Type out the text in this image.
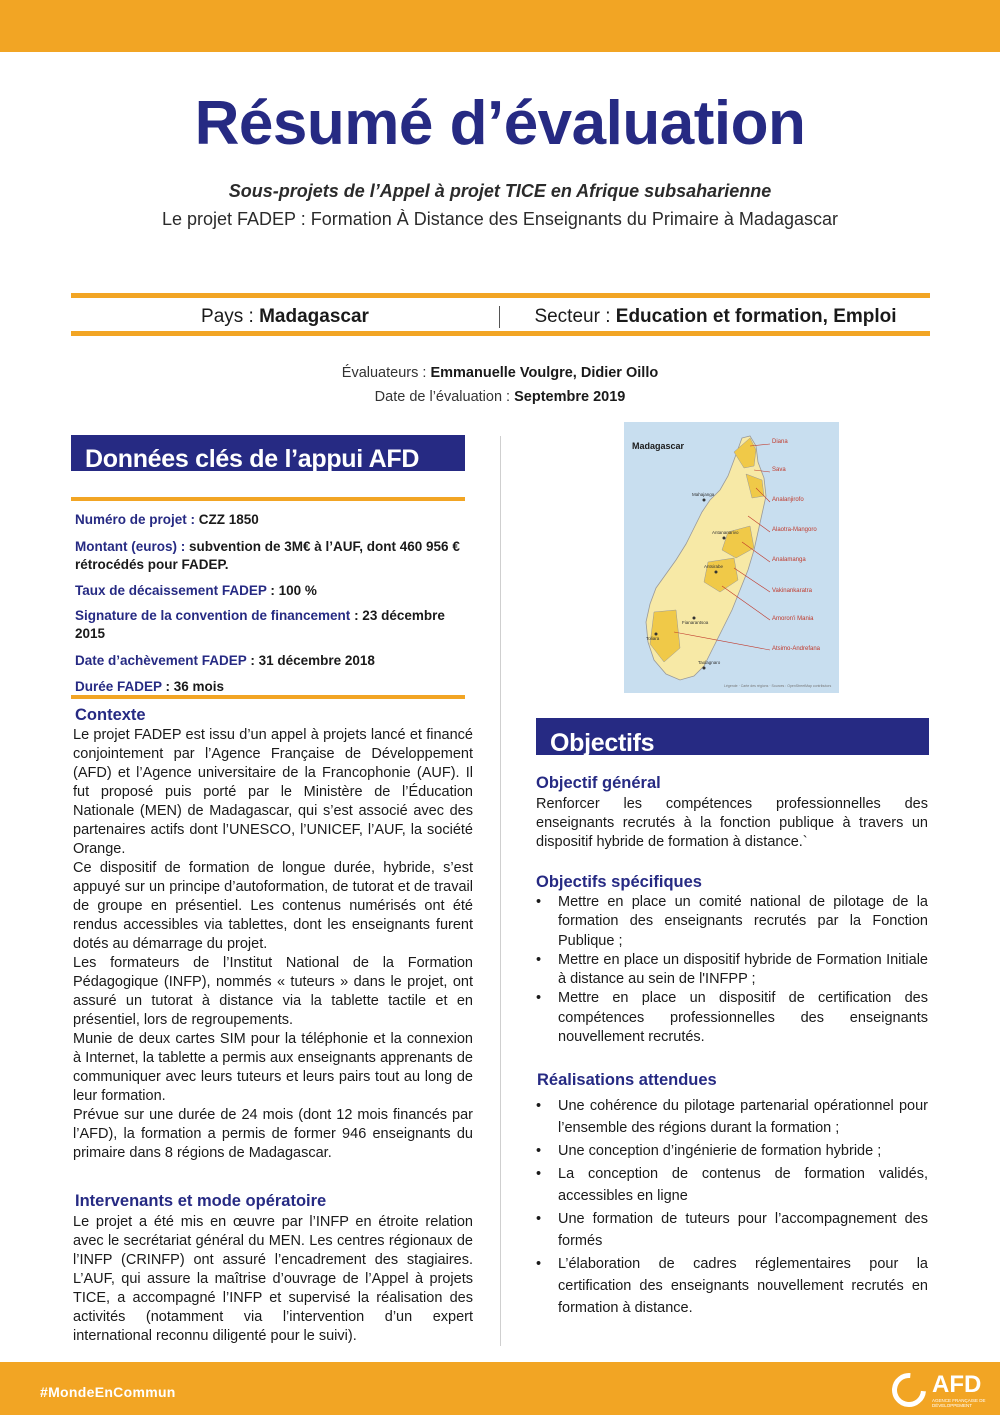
Résumé d’évaluation
Sous-projets de l’Appel à projet TICE en Afrique subsaharienne
Le projet FADEP : Formation À Distance des Enseignants du Primaire à Madagascar
Pays : Madagascar	Secteur : Education et formation, Emploi
Évaluateurs : Emmanuelle Voulgre, Didier Oillo
Date de l’évaluation : Septembre 2019
Données clés de l’appui AFD
Numéro de projet : CZZ 1850
Montant (euros) : subvention de 3M€ à l’AUF, dont 460 956 € rétrocédés pour FADEP.
Taux de décaissement FADEP : 100 %
Signature de la convention de financement : 23 décembre 2015
Date d’achèvement FADEP : 31 décembre 2018
Durée FADEP : 36 mois
Contexte

Le projet FADEP est issu d’un appel à projets lancé et financé conjointement par l’Agence Française de Développement (AFD) et l’Agence universitaire de la Francophonie (AUF). Il fut proposé puis porté par le Ministère de l’Éducation Nationale (MEN) de Madagascar, qui s’est associé avec des partenaires actifs dont l’UNESCO, l’UNICEF, l’AUF, la société Orange.

Ce dispositif de formation de longue durée, hybride, s’est appuyé sur un principe d’autoformation, de tutorat et de travail de groupe en présentiel. Les contenus numérisés ont été rendus accessibles via tablettes, dont les enseignants furent dotés au démarrage du projet.

Les formateurs de l’Institut National de la Formation Pédagogique (INFP), nommés « tuteurs » dans le projet, ont assuré un tutorat à distance via la tablette tactile et en présentiel, lors de regroupements.

Munie de deux cartes SIM pour la téléphonie et la connexion à Internet, la tablette a permis aux enseignants apprenants de communiquer avec leurs tuteurs et leurs pairs tout au long de leur formation.

Prévue sur une durée de 24 mois (dont 12 mois financés par l’AFD), la formation a permis de former 946 enseignants du primaire dans 8 régions de Madagascar.

Intervenants et mode opératoire
Le projet a été mis en œuvre par l’INFP en étroite relation avec le secrétariat général du MEN. Les centres régionaux de l’INFP (CRINFP) ont assuré l’encadrement des stagiaires. L’AUF, qui assure la maîtrise d’ouvrage de l’Appel à projets TICE, a accompagné l’INFP et supervisé la réalisation des activités (notamment via l’intervention d’un expert international reconnu diligenté pour le suivi).
Madagascar	Diana
Sava
Analanjirofo
Alaotra-Mangoro
Analamanga
Vakinankaratra
Amoron'i Mania
Atsimo-Andrefana
Mahajanga
Antananarivo
Antsirabe
Toliara
Fianarantsoa
Taolagnaro
Légende · Carte des régions · Sources : OpenStreetMap contributors
Objectifs
Objectif général
Renforcer les compétences professionnelles des enseignants recrutés à la fonction publique à travers un dispositif hybride de formation à distance.`
Objectifs spécifiques
• Mettre en place un comité national de pilotage de la formation des enseignants recrutés par la Fonction Publique ;
• Mettre en place un dispositif hybride de Formation Initiale à distance au sein de l'INFPP ;
• Mettre en place un dispositif de certification des compétences professionnelles des enseignants nouvellement recrutés.
Réalisations attendues
• Une cohérence du pilotage partenarial opérationnel pour l’ensemble des régions durant la formation ;
• Une conception d’ingénierie de formation hybride ;
• La conception de contenus de formation validés, accessibles en ligne
• Une formation de tuteurs pour l’accompagnement des formés
• L’élaboration de cadres réglementaires pour la certification des enseignants nouvellement recrutés en formation à distance.
#MondeEnCommun	AFD
AGENCE FRANÇAISE DE DÉVELOPPEMENT
